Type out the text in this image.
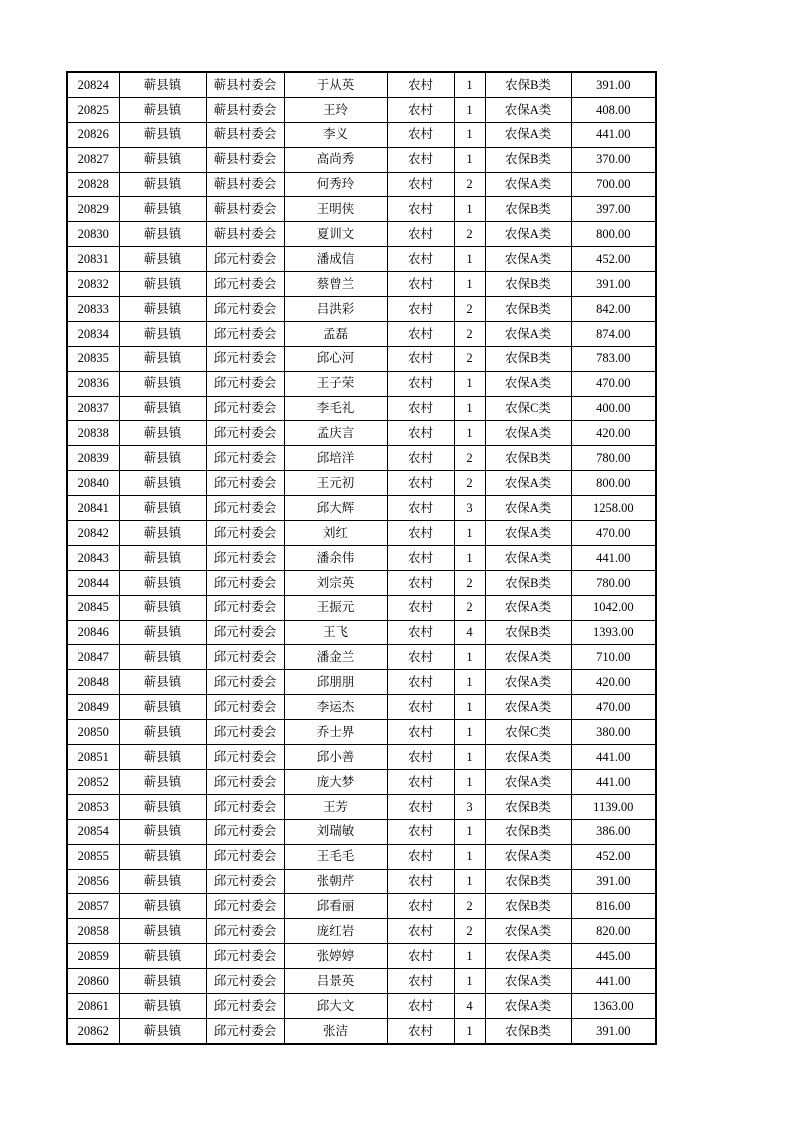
20824	蕲县镇	蕲县村委会	于从英	农村	1	农保B类	391.00
20825	蕲县镇	蕲县村委会	王玲	农村	1	农保A类	408.00
20826	蕲县镇	蕲县村委会	李义	农村	1	农保A类	441.00
20827	蕲县镇	蕲县村委会	高尚秀	农村	1	农保B类	370.00
20828	蕲县镇	蕲县村委会	何秀玲	农村	2	农保A类	700.00
20829	蕲县镇	蕲县村委会	王明侠	农村	1	农保B类	397.00
20830	蕲县镇	蕲县村委会	夏训文	农村	2	农保A类	800.00
20831	蕲县镇	邱元村委会	潘成信	农村	1	农保A类	452.00
20832	蕲县镇	邱元村委会	蔡曾兰	农村	1	农保B类	391.00
20833	蕲县镇	邱元村委会	吕洪彩	农村	2	农保B类	842.00
20834	蕲县镇	邱元村委会	孟磊	农村	2	农保A类	874.00
20835	蕲县镇	邱元村委会	邱心河	农村	2	农保B类	783.00
20836	蕲县镇	邱元村委会	王子荣	农村	1	农保A类	470.00
20837	蕲县镇	邱元村委会	李毛礼	农村	1	农保C类	400.00
20838	蕲县镇	邱元村委会	孟庆言	农村	1	农保A类	420.00
20839	蕲县镇	邱元村委会	邱培洋	农村	2	农保B类	780.00
20840	蕲县镇	邱元村委会	王元初	农村	2	农保A类	800.00
20841	蕲县镇	邱元村委会	邱大辉	农村	3	农保A类	1258.00
20842	蕲县镇	邱元村委会	刘红	农村	1	农保A类	470.00
20843	蕲县镇	邱元村委会	潘余伟	农村	1	农保A类	441.00
20844	蕲县镇	邱元村委会	刘宗英	农村	2	农保B类	780.00
20845	蕲县镇	邱元村委会	王振元	农村	2	农保A类	1042.00
20846	蕲县镇	邱元村委会	王飞	农村	4	农保B类	1393.00
20847	蕲县镇	邱元村委会	潘金兰	农村	1	农保A类	710.00
20848	蕲县镇	邱元村委会	邱朋朋	农村	1	农保A类	420.00
20849	蕲县镇	邱元村委会	李运杰	农村	1	农保A类	470.00
20850	蕲县镇	邱元村委会	乔士界	农村	1	农保C类	380.00
20851	蕲县镇	邱元村委会	邱小善	农村	1	农保A类	441.00
20852	蕲县镇	邱元村委会	庞大梦	农村	1	农保A类	441.00
20853	蕲县镇	邱元村委会	王芳	农村	3	农保B类	1139.00
20854	蕲县镇	邱元村委会	刘瑞敏	农村	1	农保B类	386.00
20855	蕲县镇	邱元村委会	王毛毛	农村	1	农保A类	452.00
20856	蕲县镇	邱元村委会	张朝芹	农村	1	农保B类	391.00
20857	蕲县镇	邱元村委会	邱看丽	农村	2	农保B类	816.00
20858	蕲县镇	邱元村委会	庞红岩	农村	2	农保A类	820.00
20859	蕲县镇	邱元村委会	张婷婷	农村	1	农保A类	445.00
20860	蕲县镇	邱元村委会	吕景英	农村	1	农保A类	441.00
20861	蕲县镇	邱元村委会	邱大文	农村	4	农保A类	1363.00
20862	蕲县镇	邱元村委会	张洁	农村	1	农保B类	391.00
